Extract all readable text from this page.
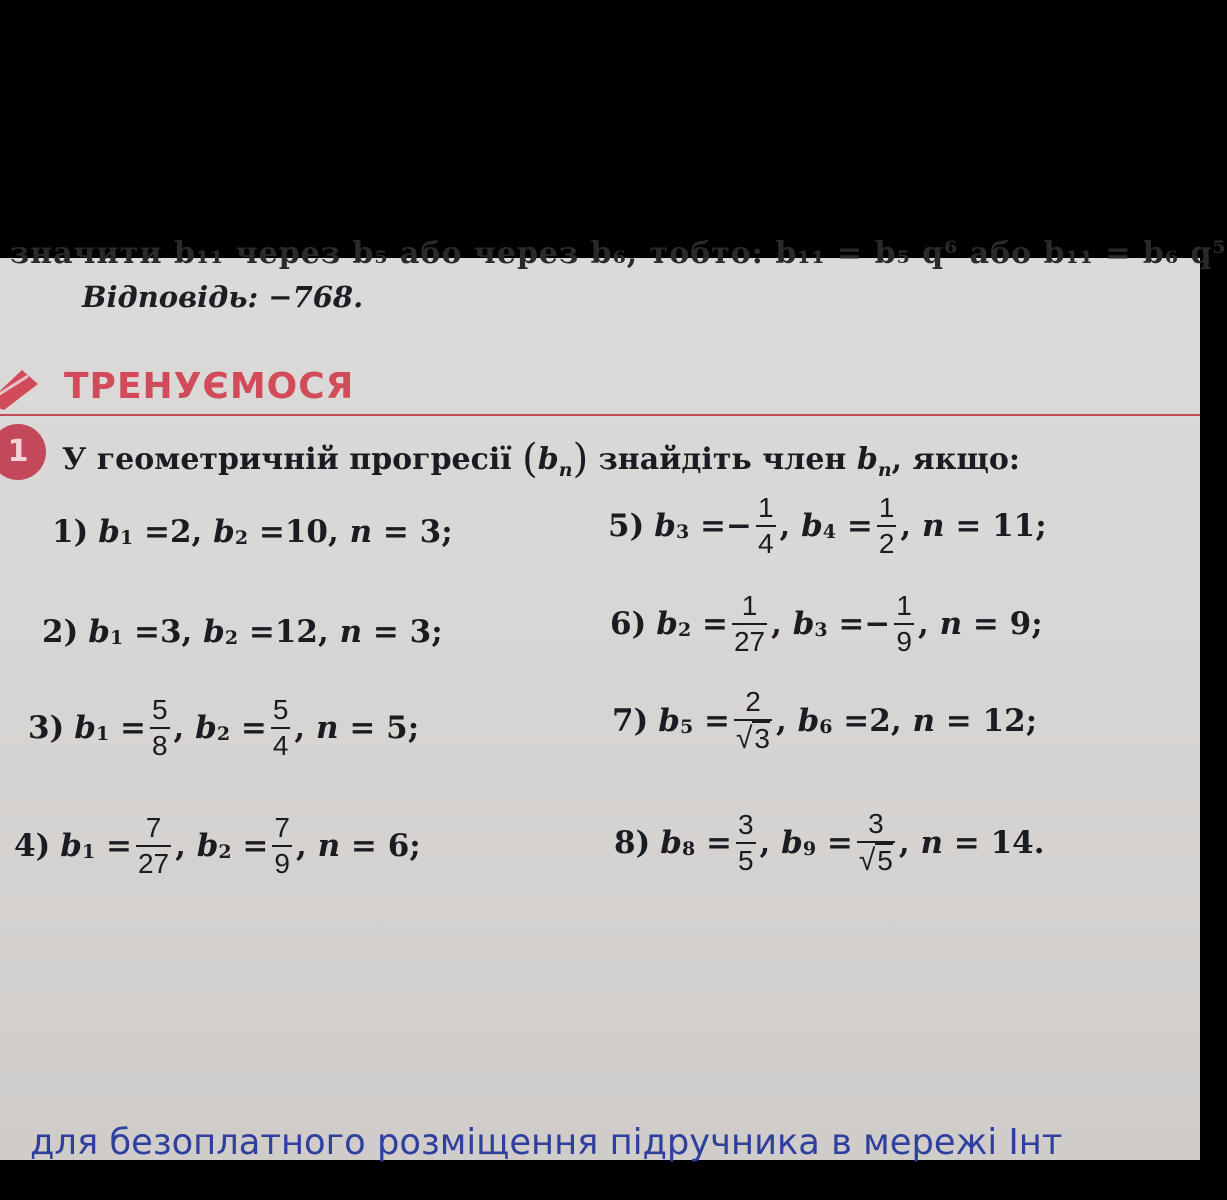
значити b₁₁ через b₅ або через b₆, тобто: b₁₁ = b₅ q⁶ або b₁₁ = b₆ q⁵
Відповідь: −768.
ТРЕНУЄМОСЯ
1	У геометричній прогресії $(b_n)$ знайдіть член $b_n$, якщо:
1) $b_1 = 2$ , $b_2 = 10$ , n = 3 ;
2) $b_1 = 3$ , $b_2 = 12$ , n = 3 ;
3) $b_1 = \frac{5}{8}$ , $b_2 = \frac{5}{4}$ , n = 5 ;
4) $b_1 = \frac{7}{27}$ , $b_2 = \frac{7}{9}$ , n = 6 ;
5) $b_3$ = − $\frac{1}{4}$ , $b_4 = \frac{1}{2}$ , n = 11 ;
6) $b_2 = \frac{1}{27}$ , $b_3$ = − $\frac{1}{9}$ , n = 9 ;
7) $b_5 = \frac{2}{√3}$ , $b_6 = 2$ , n = 12 ;
8) $b_8 = \frac{3}{5}$ , $b_9 = \frac{3}{√5}$ , n = 14 .
для безоплатного розміщення підручника в мережі Інт
